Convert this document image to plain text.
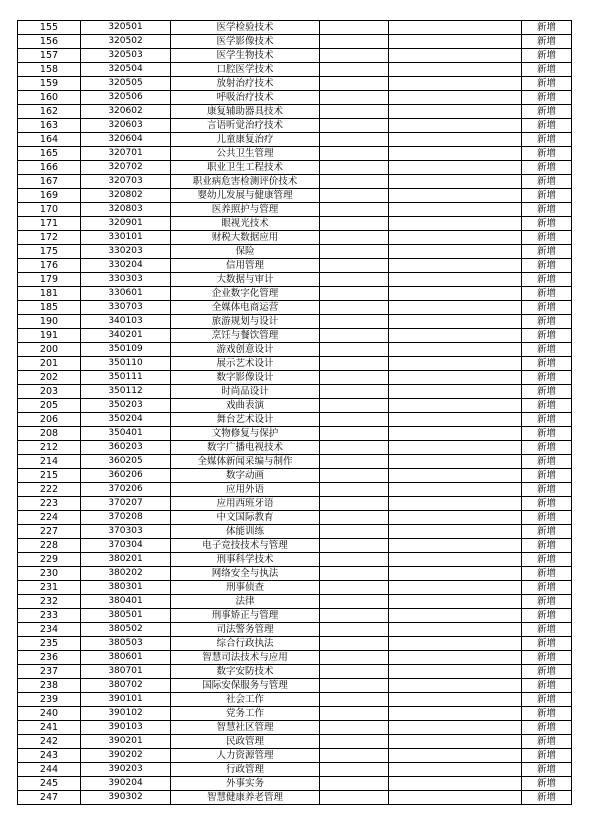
155	320501	医学检验技术			新增
156	320502	医学影像技术			新增
157	320503	医学生物技术			新增
158	320504	口腔医学技术			新增
159	320505	放射治疗技术			新增
160	320506	呼吸治疗技术			新增
162	320602	康复辅助器具技术			新增
163	320603	言语听觉治疗技术			新增
164	320604	儿童康复治疗			新增
165	320701	公共卫生管理			新增
166	320702	职业卫生工程技术			新增
167	320703	职业病危害检测评价技术			新增
169	320802	婴幼儿发展与健康管理			新增
170	320803	医养照护与管理			新增
171	320901	眼视光技术			新增
172	330101	财税大数据应用			新增
175	330203	保险			新增
176	330204	信用管理			新增
179	330303	大数据与审计			新增
181	330601	企业数字化管理			新增
185	330703	全媒体电商运营			新增
190	340103	旅游规划与设计			新增
191	340201	烹饪与餐饮管理			新增
200	350109	游戏创意设计			新增
201	350110	展示艺术设计			新增
202	350111	数字影像设计			新增
203	350112	时尚品设计			新增
205	350203	戏曲表演			新增
206	350204	舞台艺术设计			新增
208	350401	文物修复与保护			新增
212	360203	数字广播电视技术			新增
214	360205	全媒体新闻采编与制作			新增
215	360206	数字动画			新增
222	370206	应用外语			新增
223	370207	应用西班牙语			新增
224	370208	中文国际教育			新增
227	370303	体能训练			新增
228	370304	电子竞技技术与管理			新增
229	380201	刑事科学技术			新增
230	380202	网络安全与执法			新增
231	380301	刑事侦查			新增
232	380401	法律			新增
233	380501	刑事矫正与管理			新增
234	380502	司法警务管理			新增
235	380503	综合行政执法			新增
236	380601	智慧司法技术与应用			新增
237	380701	数字安防技术			新增
238	380702	国际安保服务与管理			新增
239	390101	社会工作			新增
240	390102	党务工作			新增
241	390103	智慧社区管理			新增
242	390201	民政管理			新增
243	390202	人力资源管理			新增
244	390203	行政管理			新增
245	390204	外事实务			新增
247	390302	智慧健康养老管理			新增
